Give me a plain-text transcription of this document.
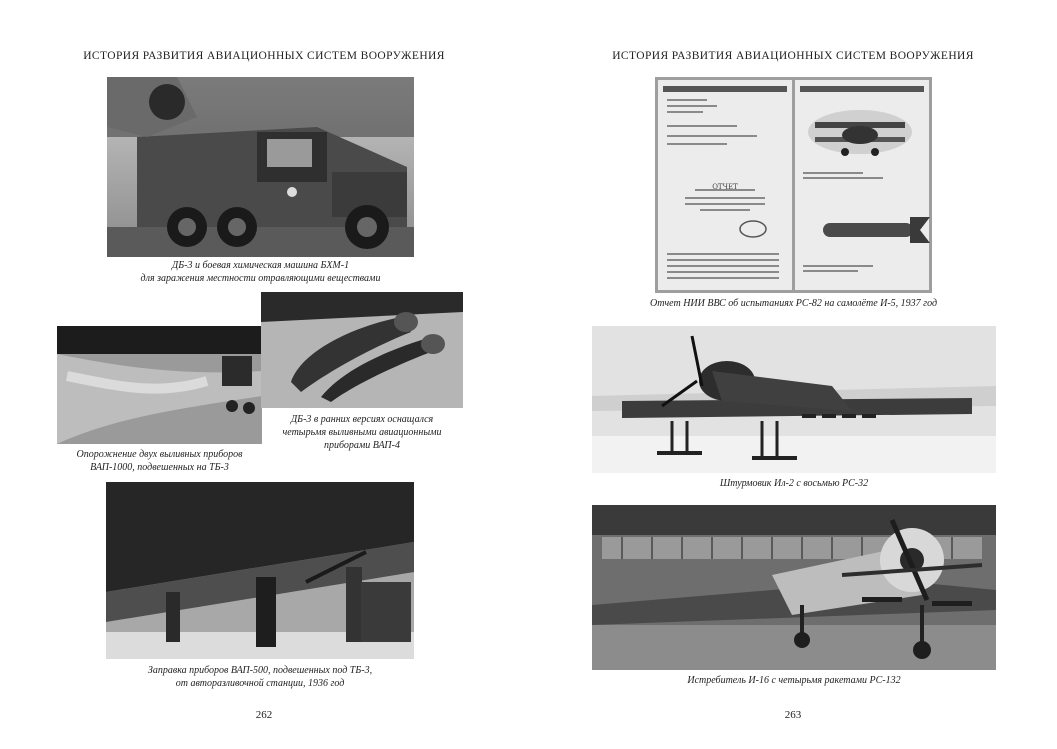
ИСТОРИЯ РАЗВИТИЯ АВИАЦИОННЫХ СИСТЕМ ВООРУЖЕНИЯ
ДБ-3 и боевая химическая машина БХМ-1
для заражения местности отравляющими веществами
Опорожнение двух выливных приборов
ВАП-1000, подвешенных на ТБ-3
ДБ-3 в ранних версиях оснащался
четырьмя выливными авиационными
приборами ВАП-4
Заправка приборов ВАП-500, подвешенных под ТБ-3,
от авторазливочной станции, 1936 год
262
ИСТОРИЯ РАЗВИТИЯ АВИАЦИОННЫХ СИСТЕМ ВООРУЖЕНИЯ
ОТЧЕТ
Отчет НИИ ВВС об испытаниях РС-82 на самолёте И-5, 1937 год
Штурмовик Ил-2 с восьмью РС-32
Истребитель И-16 с четырьмя ракетами РС-132
263
